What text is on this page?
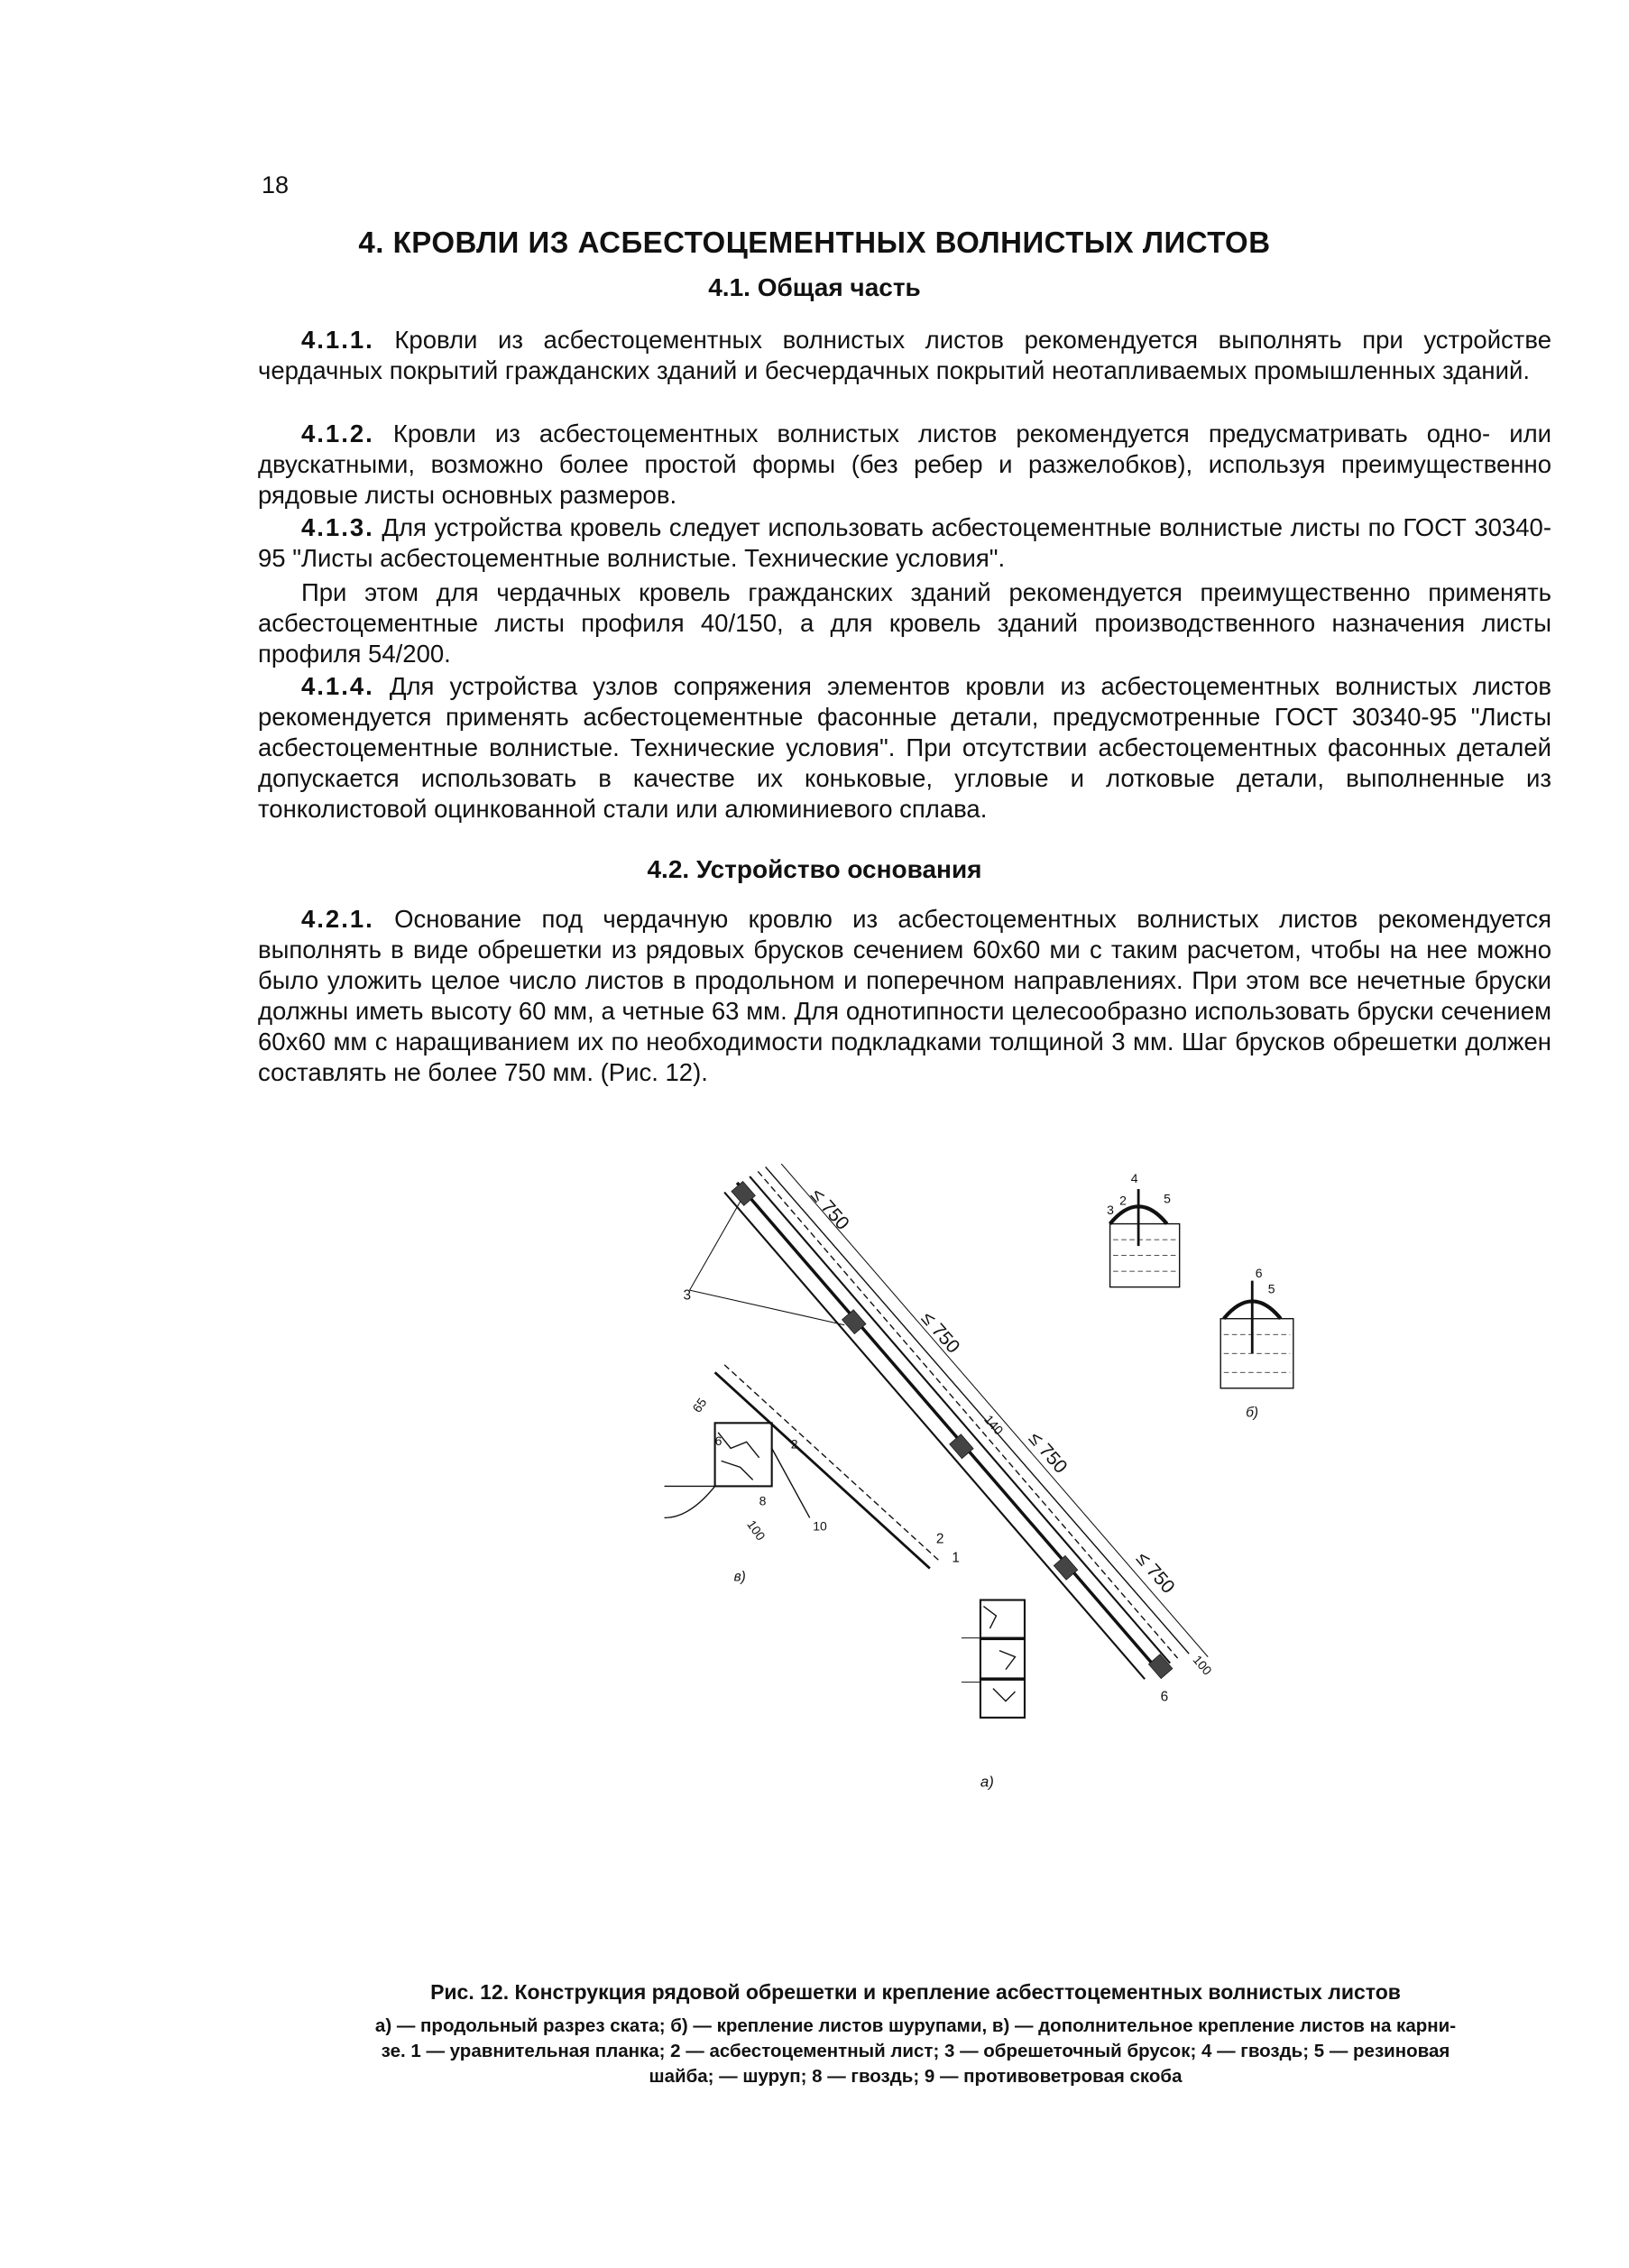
18
4. КРОВЛИ ИЗ АСБЕСТОЦЕМЕНТНЫХ ВОЛНИСТЫХ ЛИСТОВ
4.1. Общая часть

4.1.1. Кровли из асбестоцементных волнистых листов рекомендуется выполнять при устройстве чердачных покрытий гражданских зданий и бесчердачных покрытий неотапливаемых промышленных зданий.

4.1.2. Кровли из асбестоцементных волнистых листов рекомендуется предусматривать одно- или двускатными, возможно более простой формы (без ребер и разжелобков), используя преимущественно рядовые листы основных размеров.

4.1.3. Для устройства кровель следует использовать асбестоцементные волнистые листы по ГОСТ 30340-95 "Листы асбестоцементные волнистые. Технические условия".

При этом для чердачных кровель гражданских зданий рекомендуется преимущественно применять асбестоцементные листы профиля 40/150, а для кровель зданий производственного назначения листы профиля 54/200.

4.1.4. Для устройства узлов сопряжения элементов кровли из асбестоцементных волнистых листов рекомендуется применять асбестоцементные фасонные детали, предусмотренные ГОСТ 30340-95 "Листы асбестоцементные волнистые. Технические условия". При отсутствии асбестоцементных фасонных деталей допускается использовать в качестве их коньковые, угловые и лотковые детали, выполненные из тонколистовой оцинкованной стали или алюминиевого сплава.

4.2. Устройство основания

4.2.1. Основание под чердачную кровлю из асбестоцементных волнистых листов рекомендуется выполнять в виде обрешетки из рядовых брусков сечением 60х60 ми с таким расчетом, чтобы на нее можно было уложить целое число листов в продольном и поперечном направлениях. При этом все нечетные бруски должны иметь высоту 60 мм, а четные 63 мм. Для однотипности целесообразно использовать бруски сечением 60х60 мм с наращиванием их по необходимости подкладками толщиной 3 мм. Шаг брусков обрешетки должен составлять не более 750 мм. (Рис. 12).

≤ 750
≤ 750
≤ 750
≤ 750
140
100
3
1
2
6
а)
4
2
3
5
6
5
б)
65
6	2
8
10
100
в)
Рис. 12. Конструкция рядовой обрешетки и крепление асбесттоцементных волнистых листов
а) — продольный разрез ската; б) — крепление листов шурупами, в) — дополнительное крепление листов на карни-
зе. 1 — уравнительная планка; 2 — асбестоцементный лист; 3 — обрешеточный брусок; 4 — гвоздь; 5 — резиновая
шайба; — шуруп; 8 — гвоздь; 9 — противоветровая скоба
